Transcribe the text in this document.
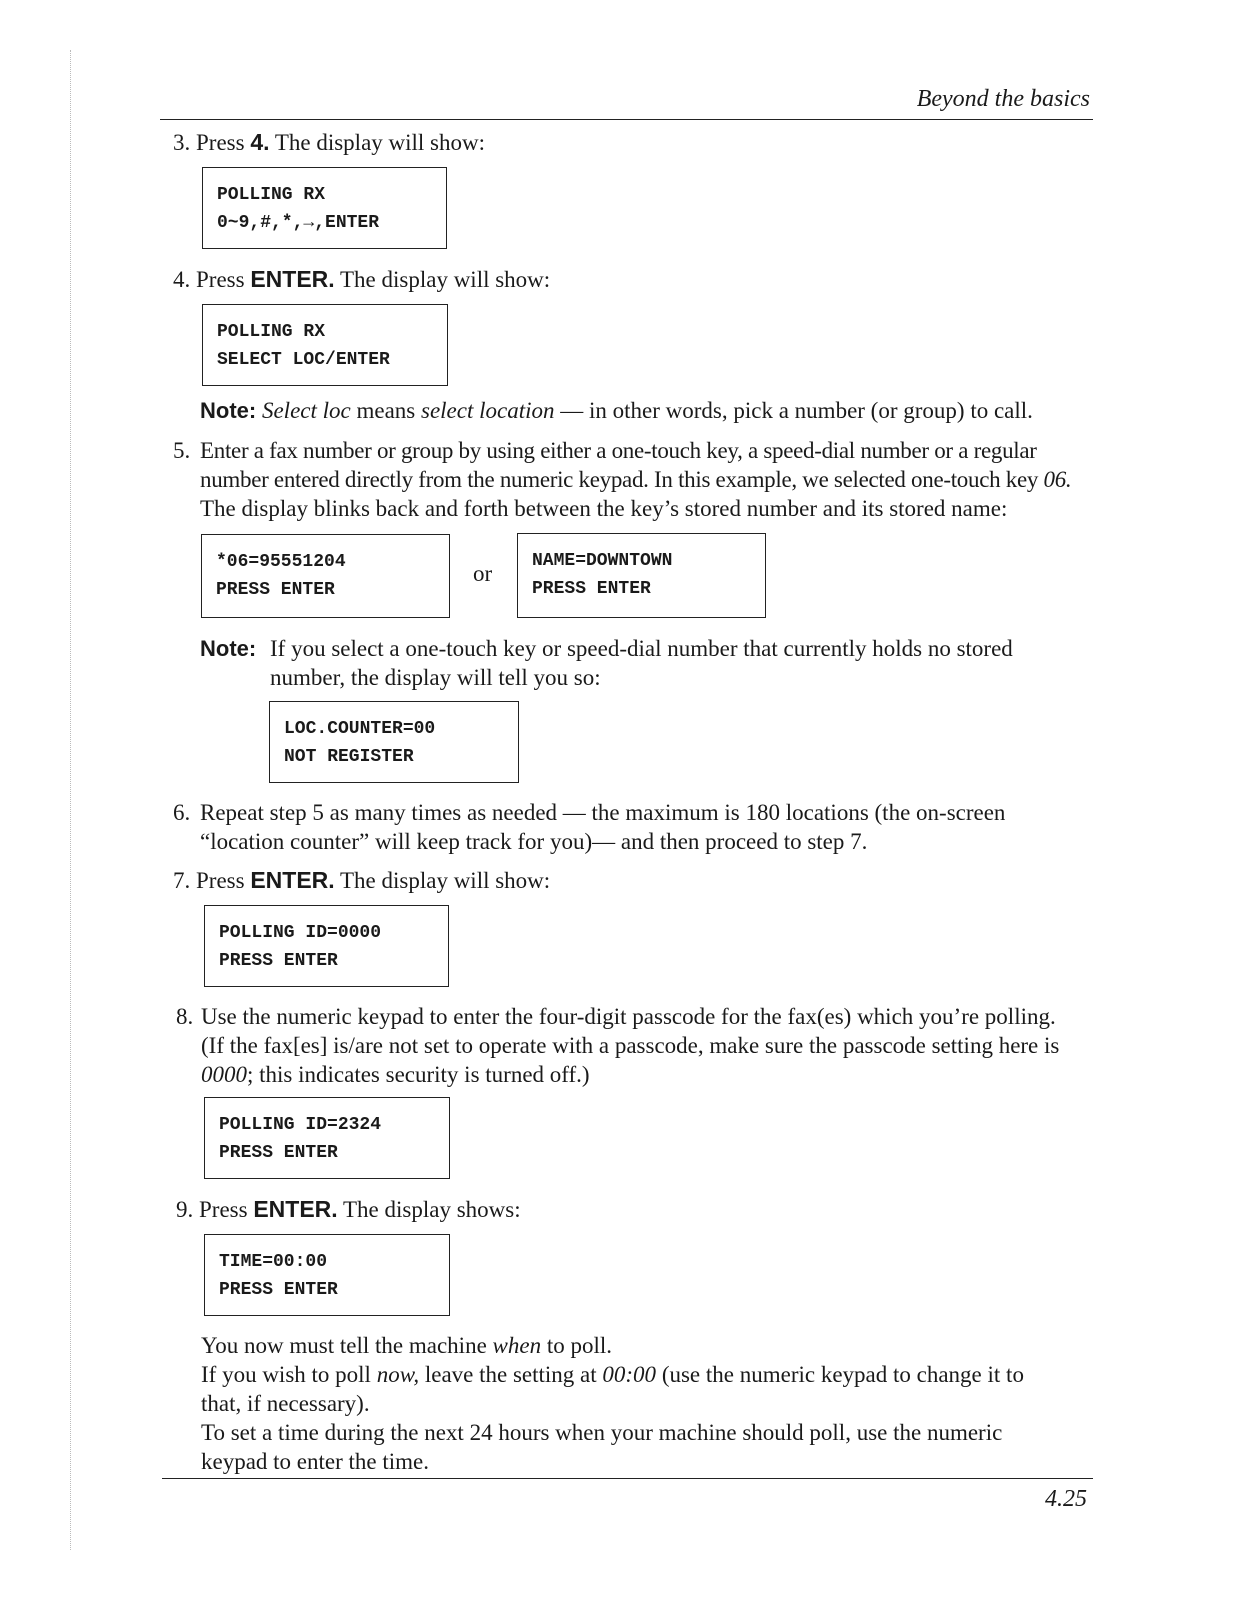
Beyond the basics
3. Press 4. The display will show:
POLLING RX
0~9,#,*,→,ENTER
4. Press ENTER. The display will show:
POLLING RX
SELECT LOC/ENTER
Note: Select loc means select location — in other words, pick a number (or group) to call.
5. Enter a fax number or group by using either a one-touch key, a speed-dial number or a regular
number entered directly from the numeric keypad. In this example, we selected one-touch key 06.
The display blinks back and forth between the key’s stored number and its stored name:
*06=95551204
PRESS ENTER
or NAME=DOWNTOWN
PRESS ENTER
Note: If you select a one-touch key or speed-dial number that currently holds no stored
number, the display will tell you so:
LOC.COUNTER=00
NOT REGISTER
6. Repeat step 5 as many times as needed — the maximum is 180 locations (the on-screen
“location counter” will keep track for you)— and then proceed to step 7.
7. Press ENTER. The display will show:
POLLING ID=0000
PRESS ENTER
8. Use the numeric keypad to enter the four-digit passcode for the fax(es) which you’re polling.
(If the fax[es] is/are not set to operate with a passcode, make sure the passcode setting here is
0000; this indicates security is turned off.)
POLLING ID=2324
PRESS ENTER
9. Press ENTER. The display shows:
TIME=00:00
PRESS ENTER
You now must tell the machine when to poll.
If you wish to poll now, leave the setting at 00:00 (use the numeric keypad to change it to
that, if necessary).
To set a time during the next 24 hours when your machine should poll, use the numeric
keypad to enter the time.
4.25
